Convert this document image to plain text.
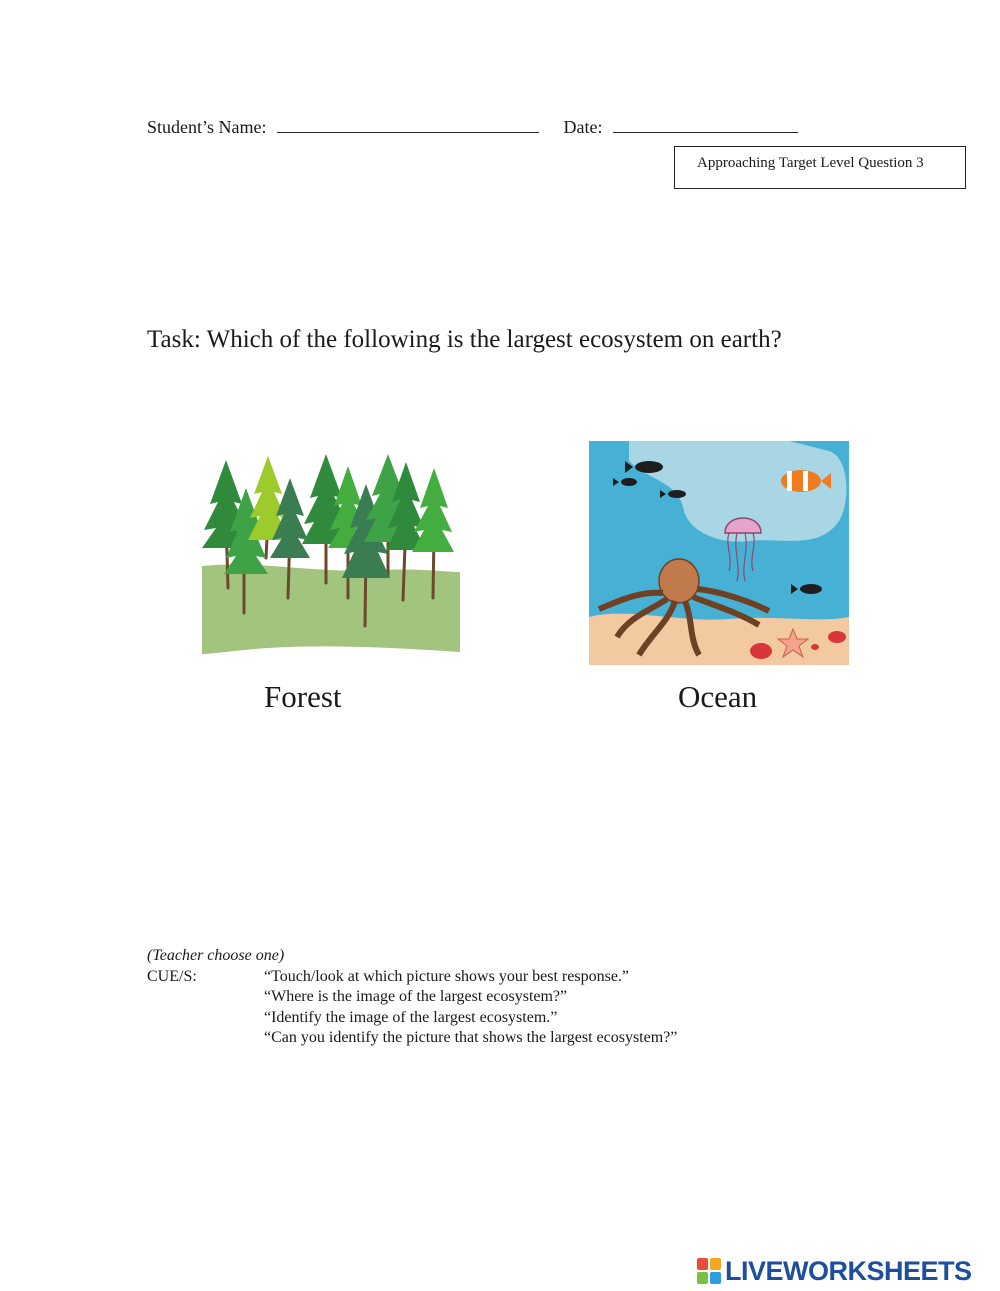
Student’s Name:	Date:
Approaching Target Level Question 3
Task: Which of the following is the largest ecosystem on earth?
Forest	Ocean
(Teacher choose one)
CUE/S:	“Touch/look at which picture shows your best response.”
“Where is the image of the largest ecosystem?”
“Identify the image of the largest ecosystem.”
“Can you identify the picture that shows the largest ecosystem?”
LIVEWORKSHEETS
